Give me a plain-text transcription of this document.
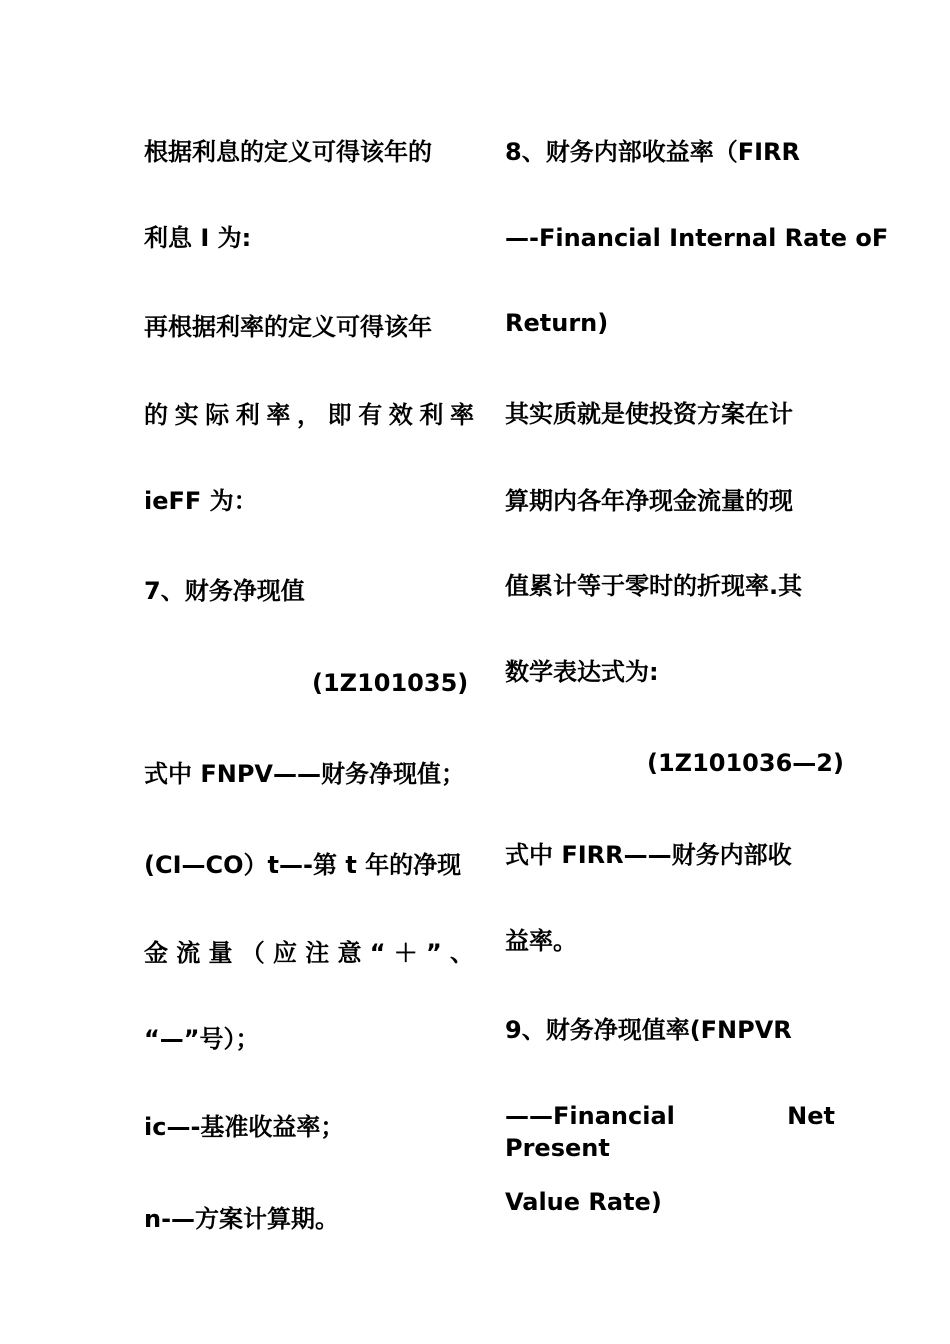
根据利息的定义可得该年的
利息 I 为:
再根据利率的定义可得该年
的实际利率，即有效利率
ieFF 为：
7、财务净现值
(1Z101035)
式中 FNPV——财务净现值；
(CI—CO）t—-第 t 年的净现
金流量（应注意“＋”、
“—”号）；
ic—-基准收益率；
n-—方案计算期。
8、财务内部收益率（FIRR
—-Financial Internal Rate oF
Return)
其实质就是使投资方案在计
算期内各年净现金流量的现
值累计等于零时的折现率.其
数学表达式为:
(1Z101036—2)
式中 FIRR——财务内部收
益率。
9、财务净现值率(FNPVR
——Financial Net Present
Value Rate)
